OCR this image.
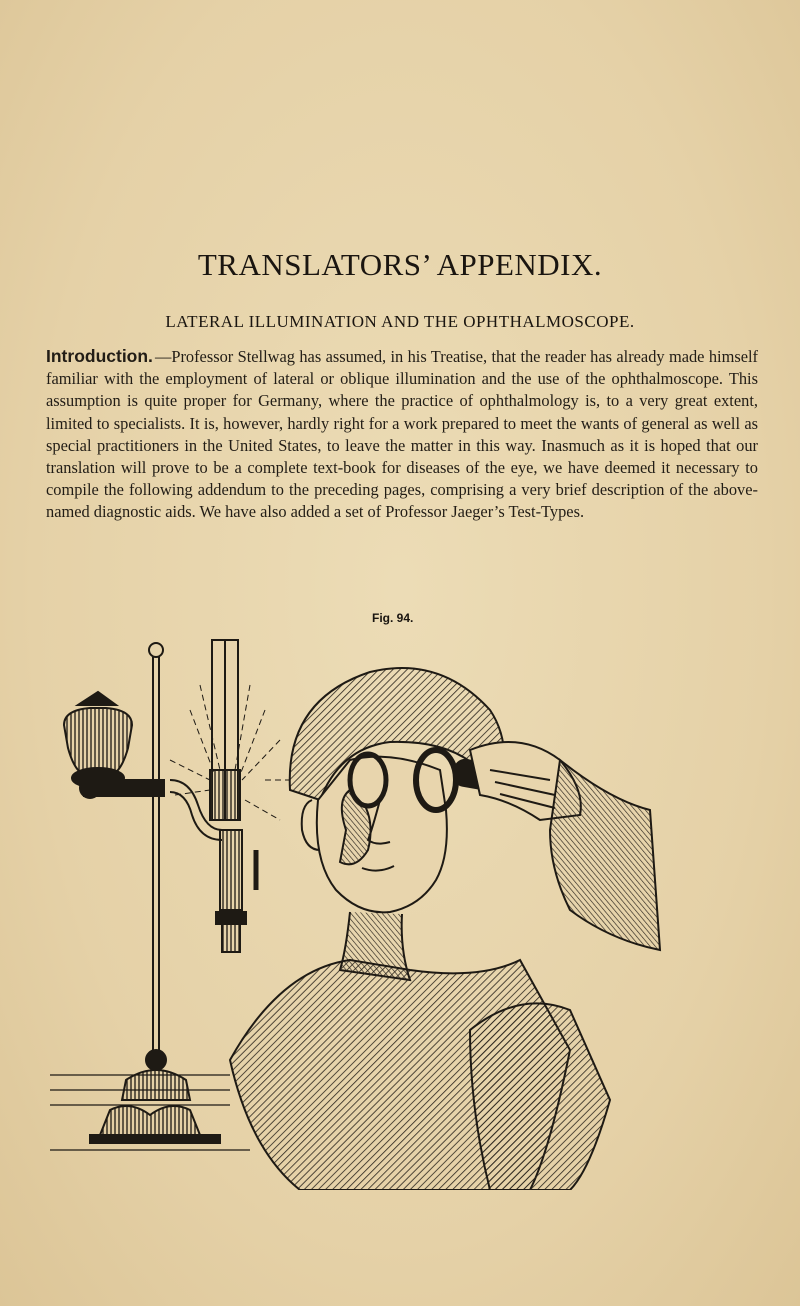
TRANSLATORS’ APPENDIX.
LATERAL ILLUMINATION AND THE OPHTHALMOSCOPE.
Introduction. —Professor Stellwag has assumed, in his Treatise, that the reader has already made himself familiar with the employment of lateral or oblique illumination and the use of the ophthalmoscope. This assumption is quite proper for Germany, where the practice of ophthalmology is, to a very great extent, limited to specialists. It is, however, hardly right for a work prepared to meet the wants of general as well as special practitioners in the United States, to leave the matter in this way. Inasmuch as it is hoped that our translation will prove to be a complete text-book for diseases of the eye, we have deemed it necessary to compile the following addendum to the preceding pages, comprising a very brief description of the above-named diagnostic aids. We have also added a set of Professor Jaeger’s Test-Types.
Fig. 94.
